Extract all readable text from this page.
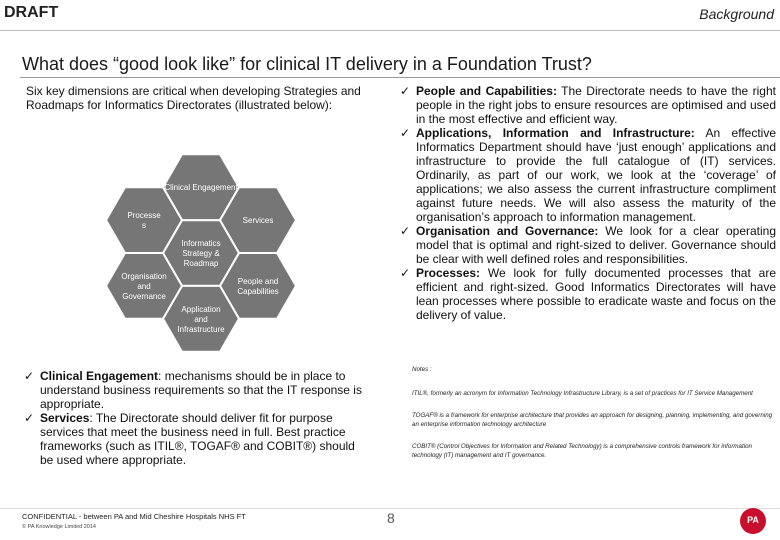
DRAFT	Background
What does “good look like” for clinical IT delivery in a Foundation Trust?
Six key dimensions are critical when developing Strategies and Roadmaps for Informatics Directorates (illustrated below):
Informatics
Strategy &
Roadmap
Clinical Engagement
Services
People and
Capabilities
Application
and
Infrastructure
Organisation
and
Governance
Processe
s
✓ People and Capabilities: The Directorate needs to have the right people in the right jobs to ensure resources are optimised and used in the most effective and efficient way.
✓ Applications, Information and Infrastructure: An effective Informatics Department should have ‘just enough’ applications and infrastructure to provide the full catalogue of (IT) services. Ordinarily, as part of our work, we look at the ‘coverage’ of applications; we also assess the current infrastructure compliment against future needs. We will also assess the maturity of the organisation’s approach to information management.
✓ Organisation and Governance: We look for a clear operating model that is optimal and right-sized to deliver. Governance should be clear with well defined roles and responsibilities.
✓ Processes: We look for fully documented processes that are efficient and right-sized. Good Informatics Directorates will have lean processes where possible to eradicate waste and focus on the delivery of value.
✓ Clinical Engagement: mechanisms should be in place to understand business requirements so that the IT response is appropriate.
✓ Services: The Directorate should deliver fit for purpose services that meet the business need in full. Best practice frameworks (such as ITIL®, TOGAF® and COBIT®) should be used where appropriate.

Notes :

ITIL®, formerly an acronym for Information Technology Infrastructure Library, is a set of practices for IT Service Management

TOGAF® is a framework for enterprise architecture that provides an approach for designing, planning, implementing, and governing an enterprise information technology architecture

COBIT® (Control Objectives for Information and Related Technology) is a comprehensive controls framework for information technology (IT) management and IT governance.

CONFIDENTIAL - between PA and Mid Cheshire Hospitals NHS FT
© PA Knowledge Limited 2014
8	PA
